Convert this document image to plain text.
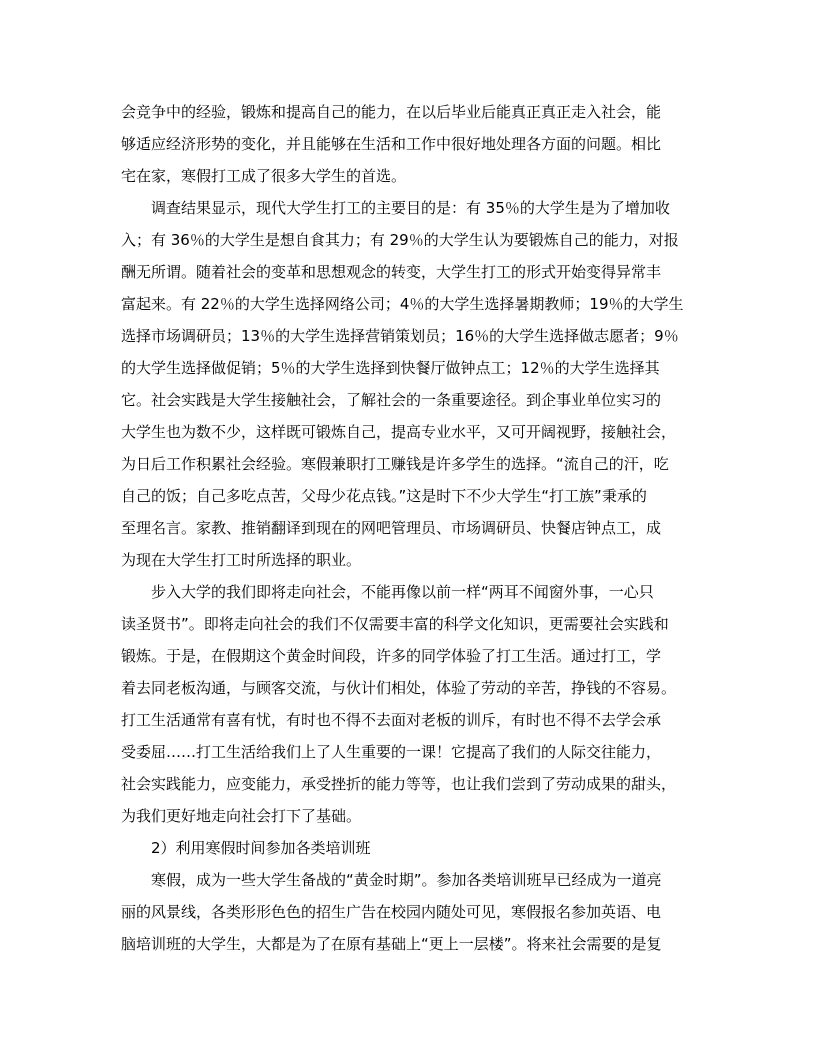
会竞争中的经验，锻炼和提高自己的能力，在以后毕业后能真正真正走入社会，能
够适应经济形势的变化，并且能够在生活和工作中很好地处理各方面的问题。相比
宅在家，寒假打工成了很多大学生的首选。
调查结果显示，现代大学生打工的主要目的是：有 35％的大学生是为了增加收
入；有 36％的大学生是想自食其力；有 29％的大学生认为要锻炼自己的能力，对报
酬无所谓。随着社会的变革和思想观念的转变，大学生打工的形式开始变得异常丰
富起来。有 22％的大学生选择网络公司；4％的大学生选择暑期教师；19％的大学生
选择市场调研员；13％的大学生选择营销策划员；16％的大学生选择做志愿者；9％
的大学生选择做促销；5％的大学生选择到快餐厅做钟点工；12％的大学生选择其
它。社会实践是大学生接触社会，了解社会的一条重要途径。到企事业单位实习的
大学生也为数不少，这样既可锻炼自己，提高专业水平，又可开阔视野，接触社会，
为日后工作积累社会经验。寒假兼职打工赚钱是许多学生的选择。“流自己的汗，吃
自己的饭；自己多吃点苦，父母少花点钱。”这是时下不少大学生“打工族”秉承的
至理名言。家教、推销翻译到现在的网吧管理员、市场调研员、快餐店钟点工，成
为现在大学生打工时所选择的职业。
步入大学的我们即将走向社会，不能再像以前一样“两耳不闻窗外事，一心只
读圣贤书”。即将走向社会的我们不仅需要丰富的科学文化知识，更需要社会实践和
锻炼。于是，在假期这个黄金时间段，许多的同学体验了打工生活。通过打工，学
着去同老板沟通，与顾客交流，与伙计们相处，体验了劳动的辛苦，挣钱的不容易。
打工生活通常有喜有忧，有时也不得不去面对老板的训斥，有时也不得不去学会承
受委屈……打工生活给我们上了人生重要的一课！它提高了我们的人际交往能力，
社会实践能力，应变能力，承受挫折的能力等等，也让我们尝到了劳动成果的甜头，
为我们更好地走向社会打下了基础。
2）利用寒假时间参加各类培训班
寒假，成为一些大学生备战的“黄金时期”。参加各类培训班早已经成为一道亮
丽的风景线，各类形形色色的招生广告在校园内随处可见，寒假报名参加英语、电
脑培训班的大学生，大都是为了在原有基础上“更上一层楼”。将来社会需要的是复
